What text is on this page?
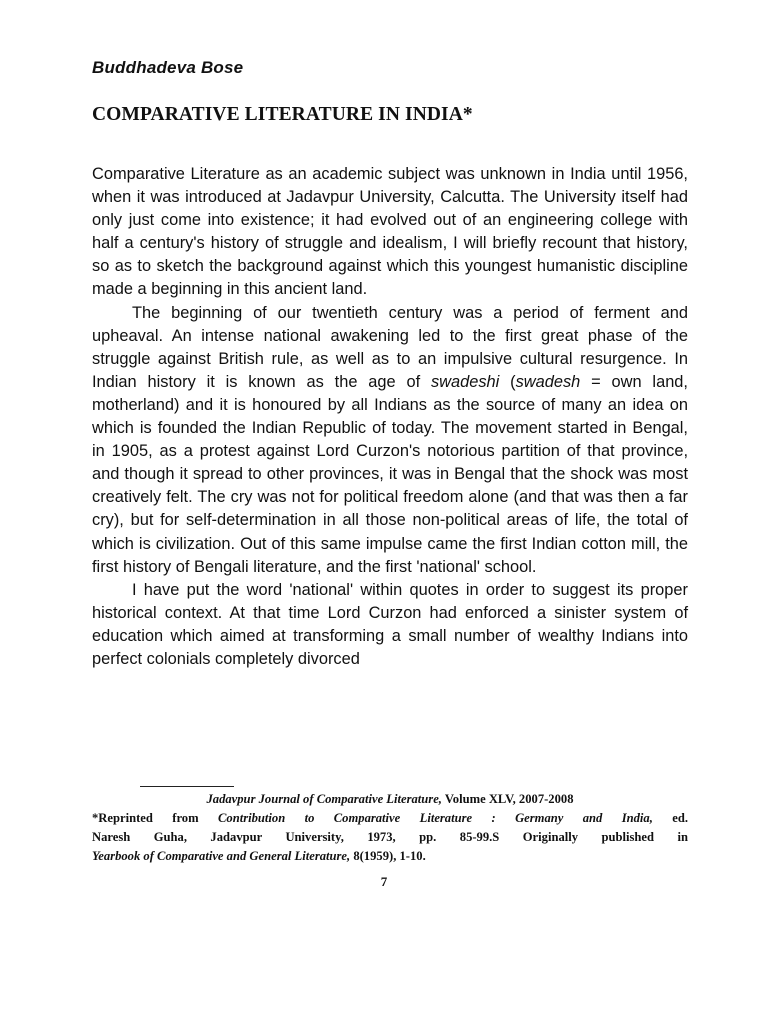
Buddhadeva Bose
COMPARATIVE LITERATURE IN INDIA*

Comparative Literature as an academic subject was unknown in India until 1956, when it was introduced at Jadavpur University, Calcutta. The University itself had only just come into existence; it had evolved out of an engineering college with half a century's history of struggle and idealism, I will briefly recount that history, so as to sketch the background against which this youngest humanistic discipline made a beginning in this ancient land.

The beginning of our twentieth century was a period of ferment and upheaval. An intense national awakening led to the first great phase of the struggle against British rule, as well as to an impulsive cultural resurgence. In Indian history it is known as the age of swadeshi (swadesh = own land, motherland) and it is honoured by all Indians as the source of many an idea on which is founded the Indian Republic of today. The movement started in Bengal, in 1905, as a protest against Lord Curzon's notorious partition of that province, and though it spread to other provinces, it was in Bengal that the shock was most creatively felt. The cry was not for political freedom alone (and that was then a far cry), but for self-determination in all those non-political areas of life, the total of which is civilization. Out of this same impulse came the first Indian cotton mill, the first history of Bengali literature, and the first 'national' school.

I have put the word 'national' within quotes in order to suggest its proper historical context. At that time Lord Curzon had enforced a sinister system of education which aimed at transforming a small number of wealthy Indians into perfect colonials completely divorced

Jadavpur Journal of Comparative Literature, Volume XLV, 2007-2008
*Reprinted from Contribution to Comparative Literature : Germany and India, ed.
Naresh Guha, Jadavpur University, 1973, pp. 85-99.S Originally published in
Yearbook of Comparative and General Literature, 8(1959), 1-10.
7
